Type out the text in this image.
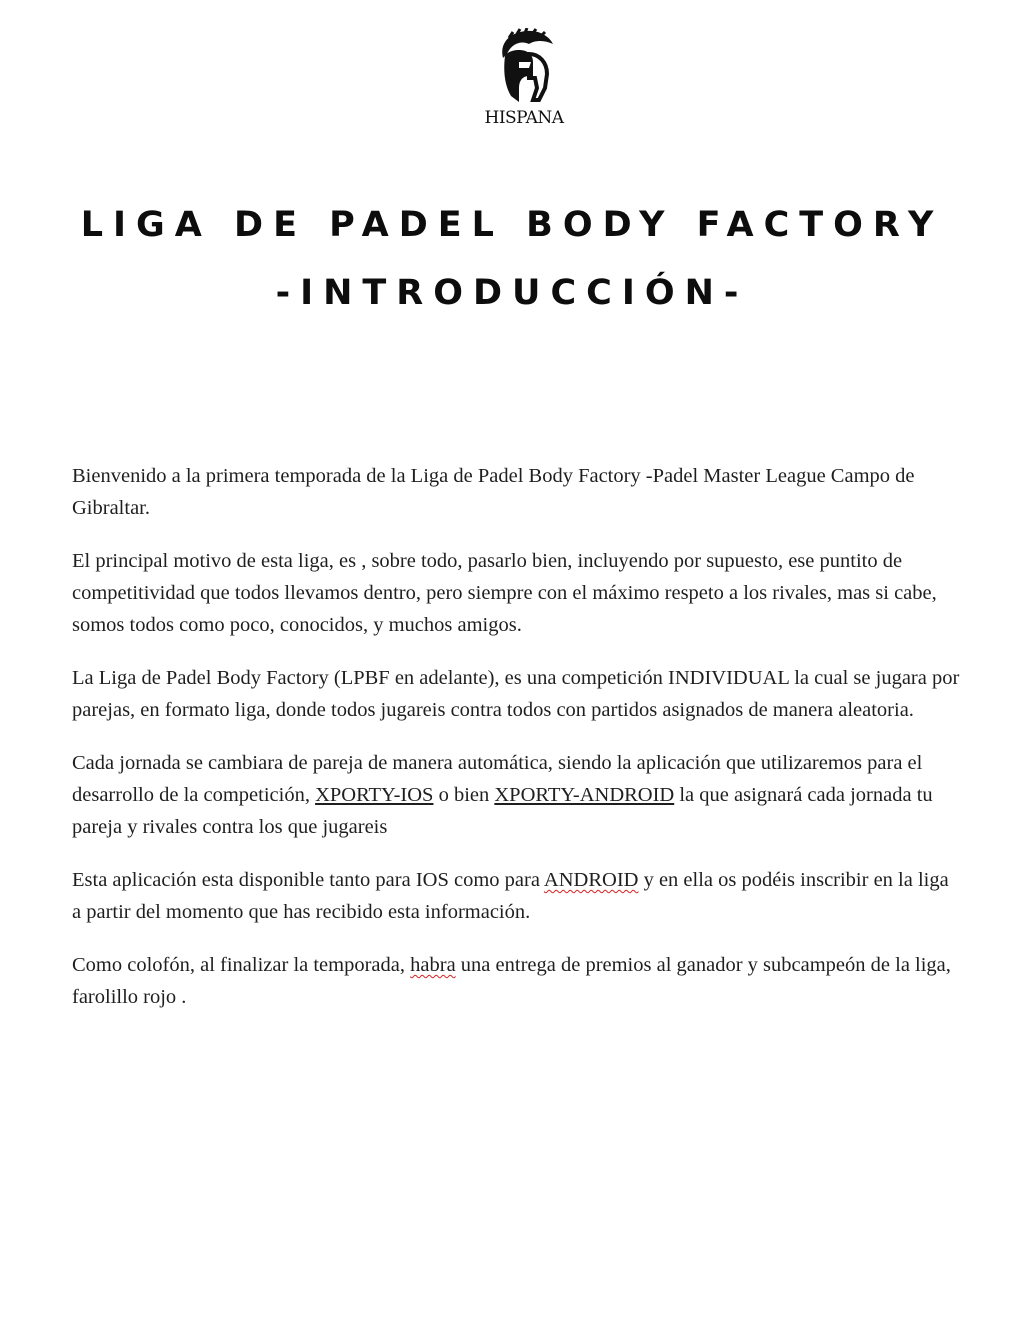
HISPANA
LIGA DE PADEL BODY FACTORY
-INTRODUCCIÓN-

Bienvenido a la primera temporada de la Liga de Padel Body Factory -Padel Master League Campo de Gibraltar.

El principal motivo de esta liga, es , sobre todo, pasarlo bien, incluyendo por supuesto, ese puntito de competitividad que todos llevamos dentro, pero siempre con el máximo respeto a los rivales, mas si cabe, somos todos como poco, conocidos, y muchos amigos.

La Liga de Padel Body Factory (LPBF en adelante), es una competición INDIVIDUAL la cual se jugara por parejas, en formato liga, donde todos jugareis contra todos con partidos asignados de manera aleatoria.

Cada jornada se cambiara de pareja de manera automática, siendo la aplicación que utilizaremos para el desarrollo de la competición, XPORTY-IOS o bien XPORTY-ANDROID la que asignará cada jornada tu pareja y rivales contra los que jugareis

Esta aplicación esta disponible tanto para IOS como para ANDROID y en ella os podéis inscribir en la liga a partir del momento que has recibido esta información.

Como colofón, al finalizar la temporada, habra una entrega de premios al ganador y subcampeón de la liga, farolillo rojo .
